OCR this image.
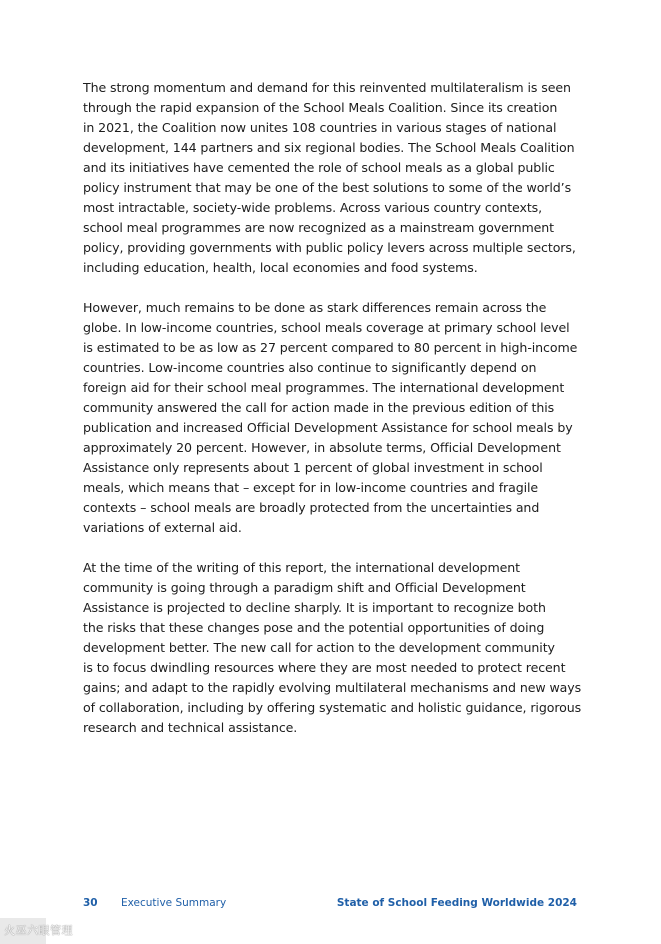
The strong momentum and demand for this reinvented multilateralism is seen
through the rapid expansion of the School Meals Coalition. Since its creation
in 2021, the Coalition now unites 108 countries in various stages of national
development, 144 partners and six regional bodies. The School Meals Coalition
and its initiatives have cemented the role of school meals as a global public
policy instrument that may be one of the best solutions to some of the world’s
most intractable, society-wide problems. Across various country contexts,
school meal programmes are now recognized as a mainstream government
policy, providing governments with public policy levers across multiple sectors,
including education, health, local economies and food systems.

However, much remains to be done as stark differences remain across the
globe. In low-income countries, school meals coverage at primary school level
is estimated to be as low as 27 percent compared to 80 percent in high-income
countries. Low-income countries also continue to significantly depend on
foreign aid for their school meal programmes. The international development
community answered the call for action made in the previous edition of this
publication and increased Official Development Assistance for school meals by
approximately 20 percent. However, in absolute terms, Official Development
Assistance only represents about 1 percent of global investment in school
meals, which means that – except for in low-income countries and fragile
contexts – school meals are broadly protected from the uncertainties and
variations of external aid.

At the time of the writing of this report, the international development
community is going through a paradigm shift and Official Development
Assistance is projected to decline sharply. It is important to recognize both
the risks that these changes pose and the potential opportunities of doing
development better. The new call for action to the development community
is to focus dwindling resources where they are most needed to protect recent
gains; and adapt to the rapidly evolving multilateral mechanisms and new ways
of collaboration, including by offering systematic and holistic guidance, rigorous
research and technical assistance.

30 Executive Summary	State of School Feeding Worldwide 2024
火巫六眼管理
